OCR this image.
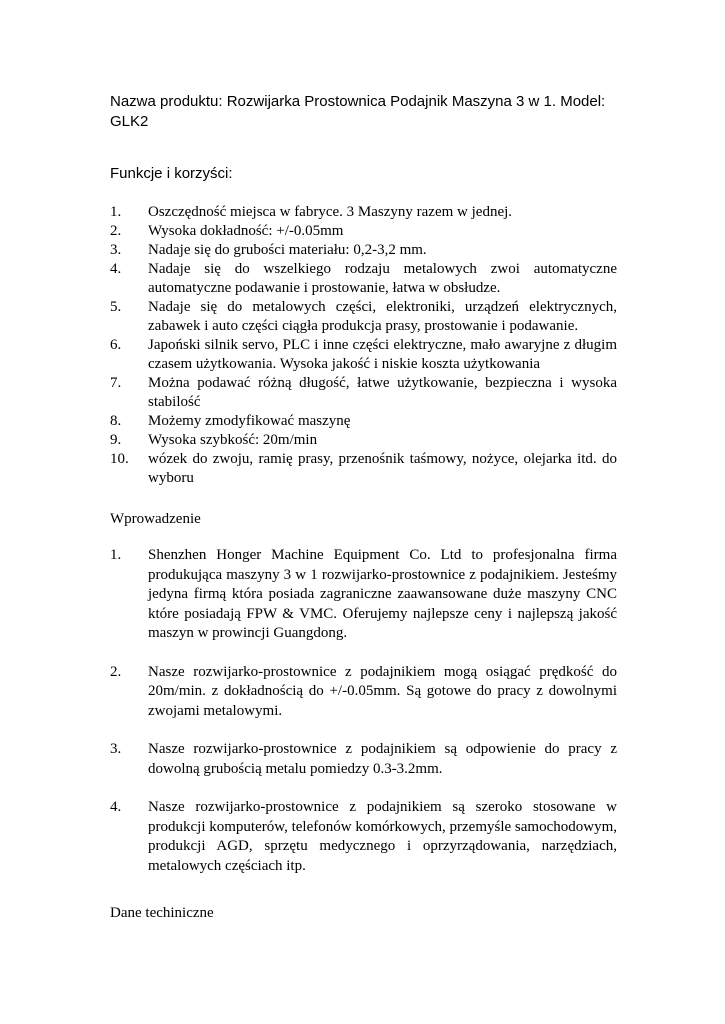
Nazwa produktu: Rozwijarka Prostownica Podajnik Maszyna 3 w 1. Model: GLK2
Funkcje i korzyści:
1.	Oszczędność miejsca w fabryce. 3 Maszyny razem w jednej.
2.	Wysoka dokładność: +/-0.05mm
3.	Nadaje się do grubości materiału: 0,2-3,2 mm.
4.	Nadaje się do wszelkiego rodzaju metalowych zwoi automatyczne automatyczne podawanie i prostowanie, łatwa w obsłudze.
5.	Nadaje się do metalowych części, elektroniki, urządzeń elektrycznych, zabawek i auto części ciągła produkcja prasy, prostowanie i podawanie.
6.	Japoński silnik servo, PLC i inne części elektryczne, mało awaryjne z długim czasem użytkowania. Wysoka jakość i niskie koszta użytkowania
7.	Można podawać różną długość, łatwe użytkowanie, bezpieczna i wysoka stabilość
8.	Możemy zmodyfikować maszynę
9.	Wysoka szybkość: 20m/min
10.	wózek do zwoju, ramię prasy, przenośnik taśmowy, nożyce, olejarka itd. do wyboru
Wprowadzenie
1.	Shenzhen Honger Machine Equipment Co. Ltd to profesjonalna firma produkująca maszyny 3 w 1 rozwijarko-prostownice z podajnikiem. Jesteśmy jedyna firmą która posiada zagraniczne zaawansowane duże maszyny CNC które posiadają FPW & VMC. Oferujemy najlepsze ceny i najlepszą jakość maszyn w prowincji Guangdong.
2.	Nasze rozwijarko-prostownice z podajnikiem mogą osiągać prędkość do 20m/min. z dokładnością do +/-0.05mm. Są gotowe do pracy z dowolnymi zwojami metalowymi.
3.	Nasze rozwijarko-prostownice z podajnikiem są odpowienie do pracy z dowolną grubością metalu pomiedzy 0.3-3.2mm.
4.	Nasze rozwijarko-prostownice z podajnikiem są szeroko stosowane w produkcji komputerów, telefonów komórkowych, przemyśle samochodowym, produkcji AGD, sprzętu medycznego i oprzyrządowania, narzędziach, metalowych częściach itp.
Dane techiniczne
